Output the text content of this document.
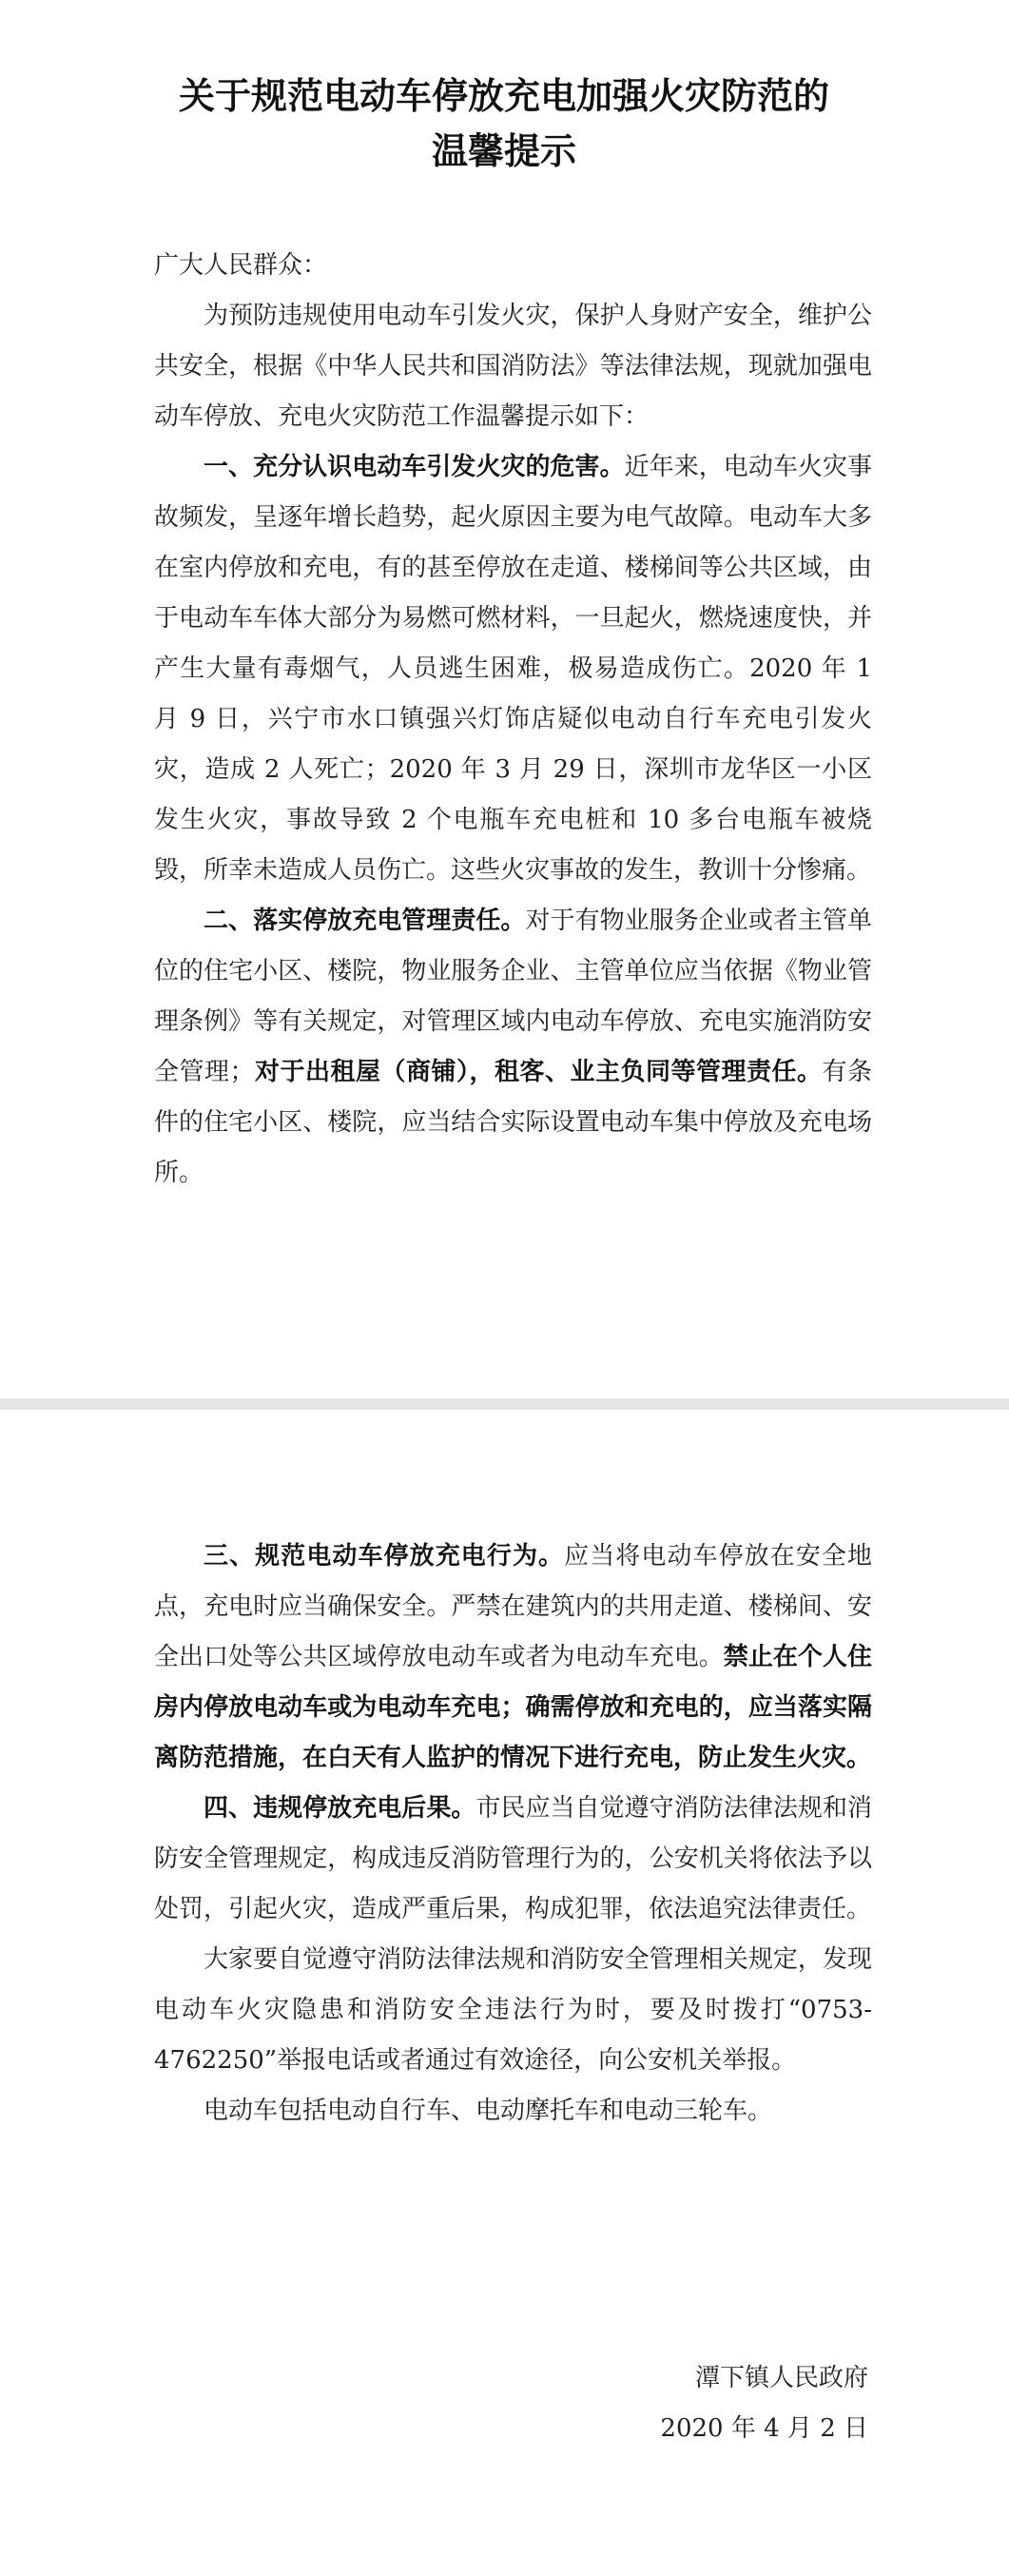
关于规范电动车停放充电加强火灾防范的
温馨提示

广大人民群众：

为预防违规使用电动车引发火灾，保护人身财产安全，维护公共安全，根据《中华人民共和国消防法》等法律法规，现就加强电动车停放、充电火灾防范工作温馨提示如下：

一、充分认识电动车引发火灾的危害。近年来，电动车火灾事故频发，呈逐年增长趋势，起火原因主要为电气故障。电动车大多在室内停放和充电，有的甚至停放在走道、楼梯间等公共区域，由于电动车车体大部分为易燃可燃材料，一旦起火，燃烧速度快，并产生大量有毒烟气，人员逃生困难，极易造成伤亡。2020 年 1 月 9 日，兴宁市水口镇强兴灯饰店疑似电动自行车充电引发火灾，造成 2 人死亡；2020 年 3 月 29 日，深圳市龙华区一小区发生火灾，事故导致 2 个电瓶车充电桩和 10 多台电瓶车被烧毁，所幸未造成人员伤亡。这些火灾事故的发生，教训十分惨痛。

二、落实停放充电管理责任。对于有物业服务企业或者主管单位的住宅小区、楼院，物业服务企业、主管单位应当依据《物业管理条例》等有关规定，对管理区域内电动车停放、充电实施消防安全管理；对于出租屋（商铺），租客、业主负同等管理责任。有条件的住宅小区、楼院，应当结合实际设置电动车集中停放及充电场所。

三、规范电动车停放充电行为。应当将电动车停放在安全地点，充电时应当确保安全。严禁在建筑内的共用走道、楼梯间、安全出口处等公共区域停放电动车或者为电动车充电。禁止在个人住房内停放电动车或为电动车充电；确需停放和充电的，应当落实隔离防范措施，在白天有人监护的情况下进行充电，防止发生火灾。

四、违规停放充电后果。市民应当自觉遵守消防法律法规和消防安全管理规定，构成违反消防管理行为的，公安机关将依法予以处罚，引起火灾，造成严重后果，构成犯罪，依法追究法律责任。

大家要自觉遵守消防法律法规和消防安全管理相关规定，发现电动车火灾隐患和消防安全违法行为时，要及时拨打“0753-4762250”举报电话或者通过有效途径，向公安机关举报。

电动车包括电动自行车、电动摩托车和电动三轮车。

潭下镇人民政府
2020 年 4 月 2 日
